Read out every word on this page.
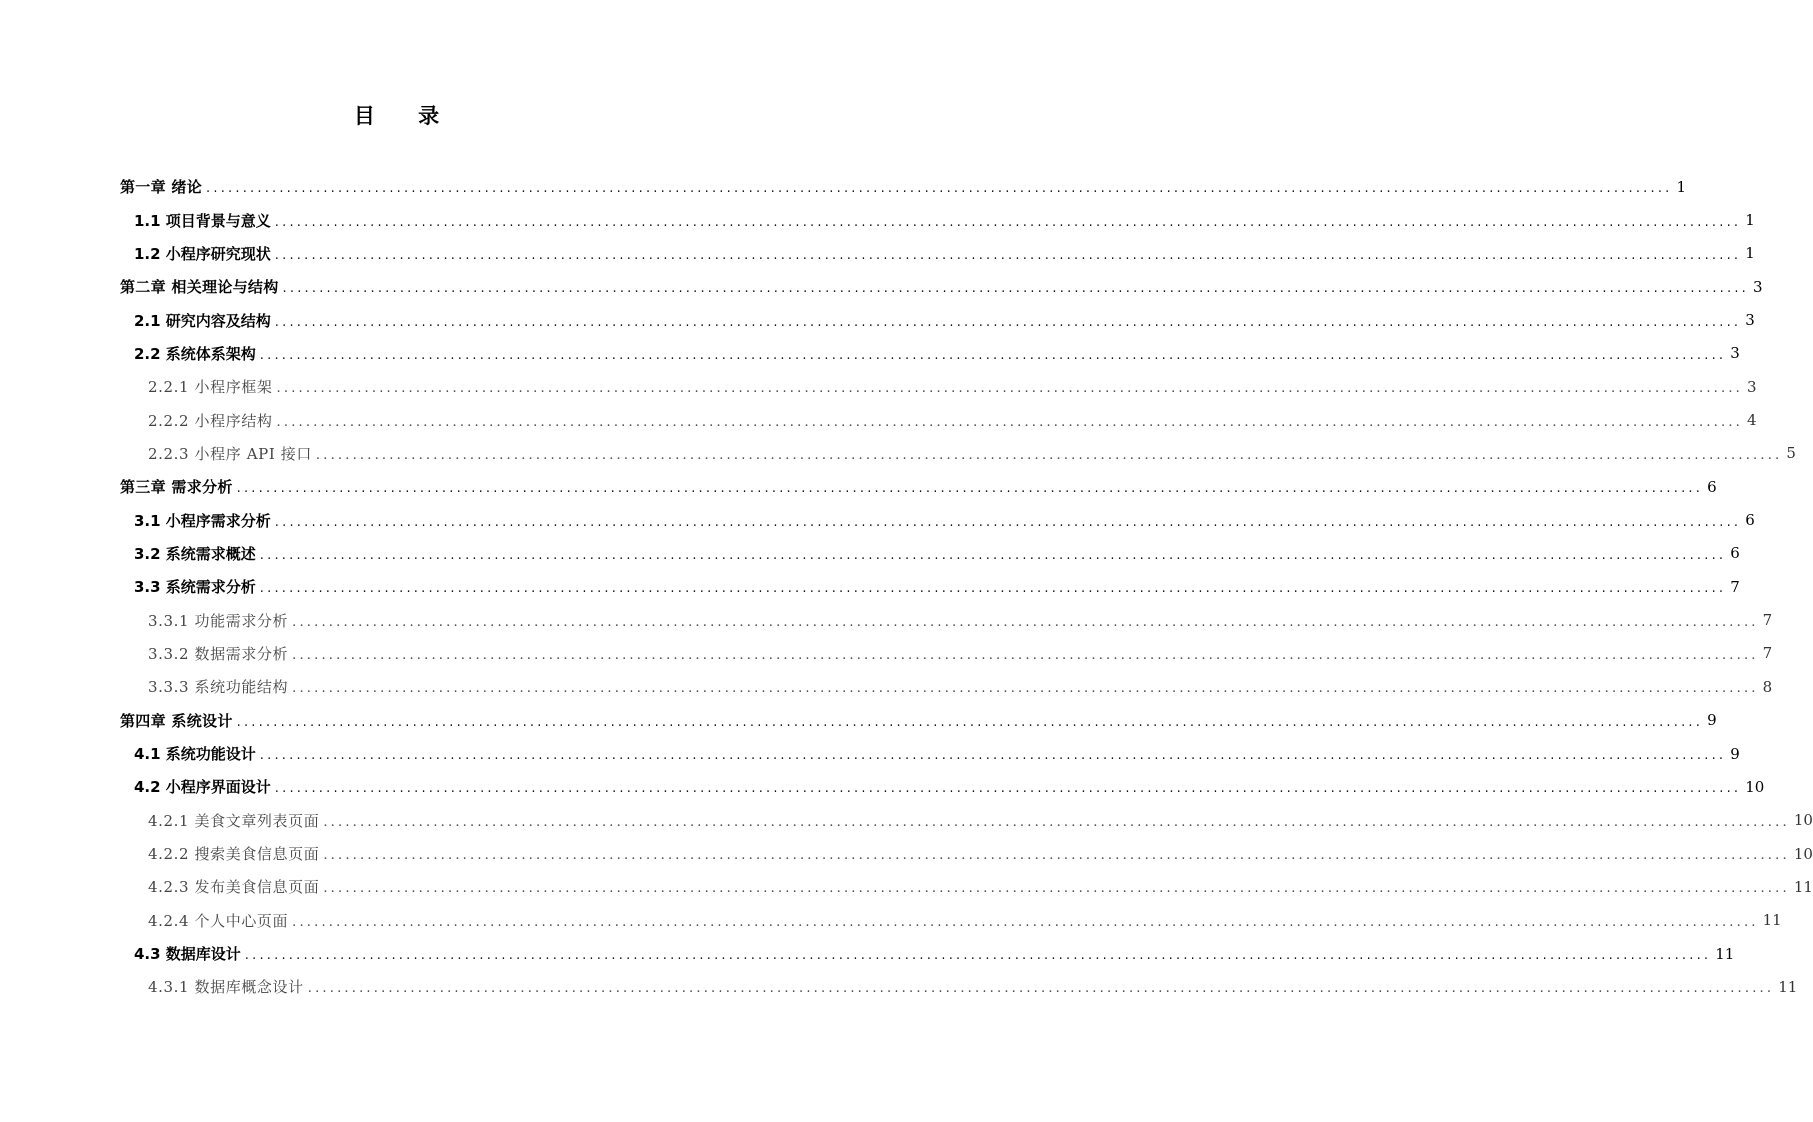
目 录
第一章 绪论 ........................................................................................................................................................................................................ 1
1.1 项目背景与意义 ........................................................................................................................................................................................................ 1
1.2 小程序研究现状 ........................................................................................................................................................................................................ 1
第二章 相关理论与结构 ........................................................................................................................................................................................................ 3
2.1 研究内容及结构 ........................................................................................................................................................................................................ 3
2.2 系统体系架构 ........................................................................................................................................................................................................ 3
2.2.1 小程序框架 ........................................................................................................................................................................................................ 3
2.2.2 小程序结构 ........................................................................................................................................................................................................ 4
2.2.3 小程序 API 接口 ........................................................................................................................................................................................................ 5
第三章 需求分析 ........................................................................................................................................................................................................ 6
3.1 小程序需求分析 ........................................................................................................................................................................................................ 6
3.2 系统需求概述 ........................................................................................................................................................................................................ 6
3.3 系统需求分析 ........................................................................................................................................................................................................ 7
3.3.1 功能需求分析 ........................................................................................................................................................................................................ 7
3.3.2 数据需求分析 ........................................................................................................................................................................................................ 7
3.3.3 系统功能结构 ........................................................................................................................................................................................................ 8
第四章 系统设计 ........................................................................................................................................................................................................ 9
4.1 系统功能设计 ........................................................................................................................................................................................................ 9
4.2 小程序界面设计 ........................................................................................................................................................................................................ 10
4.2.1 美食文章列表页面 ........................................................................................................................................................................................................ 10
4.2.2 搜索美食信息页面 ........................................................................................................................................................................................................ 10
4.2.3 发布美食信息页面 ........................................................................................................................................................................................................ 11
4.2.4 个人中心页面 ........................................................................................................................................................................................................ 11
4.3 数据库设计 ........................................................................................................................................................................................................ 11
4.3.1 数据库概念设计 ........................................................................................................................................................................................................ 11
